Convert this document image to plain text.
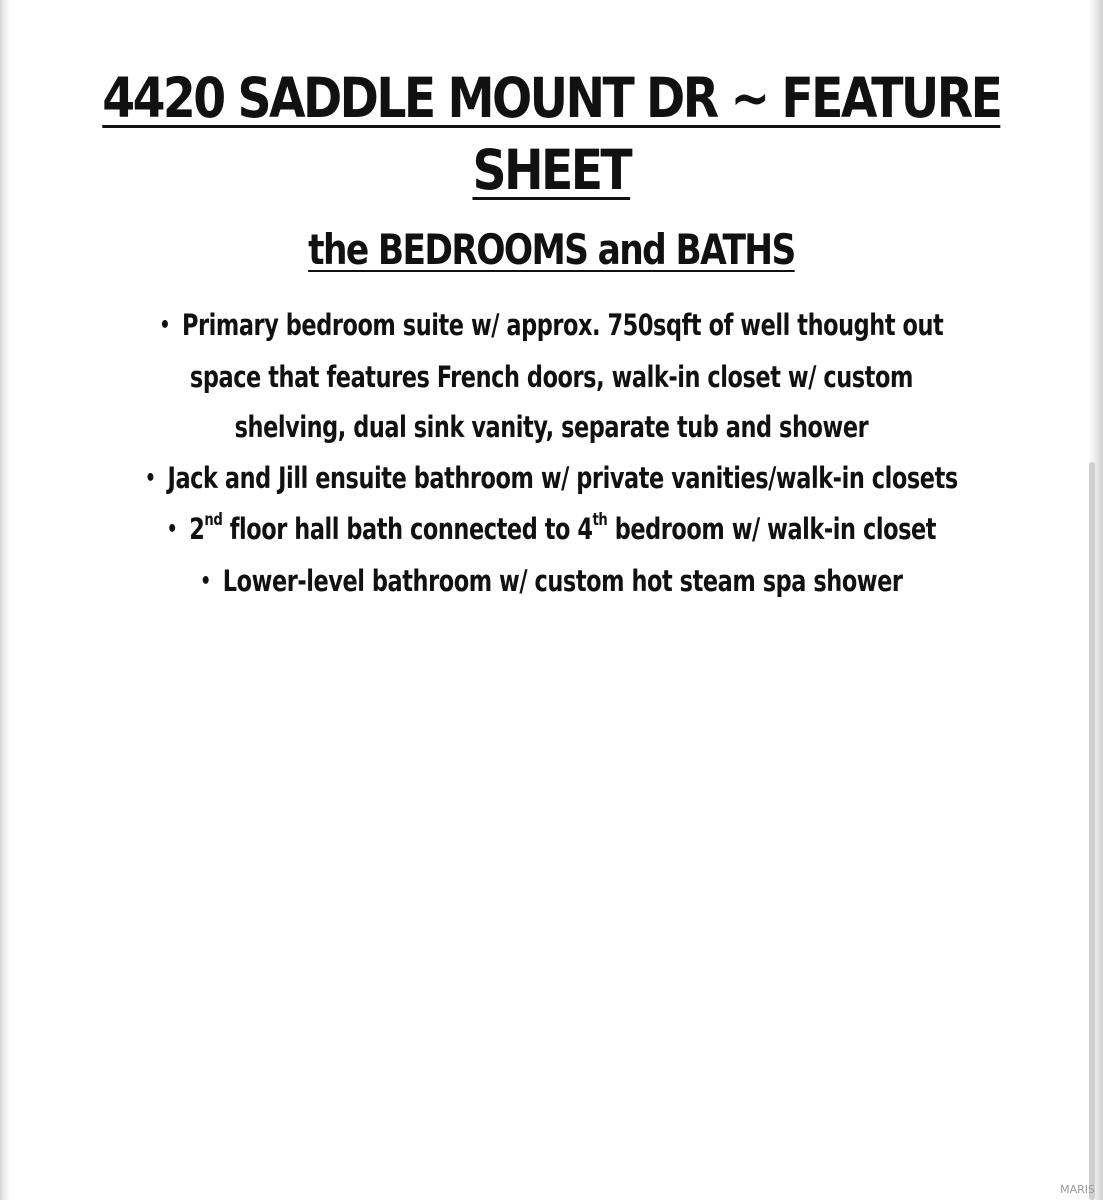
4420 SADDLE MOUNT DR ~ FEATURE SHEET
the BEDROOMS and BATHS
• Primary bedroom suite w/ approx. 750sqft of well thought out
space that features French doors, walk-in closet w/ custom
shelving, dual sink vanity, separate tub and shower
• Jack and Jill ensuite bathroom w/ private vanities/walk-in closets
• 2nd floor hall bath connected to 4th bedroom w/ walk-in closet
• Lower-level bathroom w/ custom hot steam spa shower
MARIS
